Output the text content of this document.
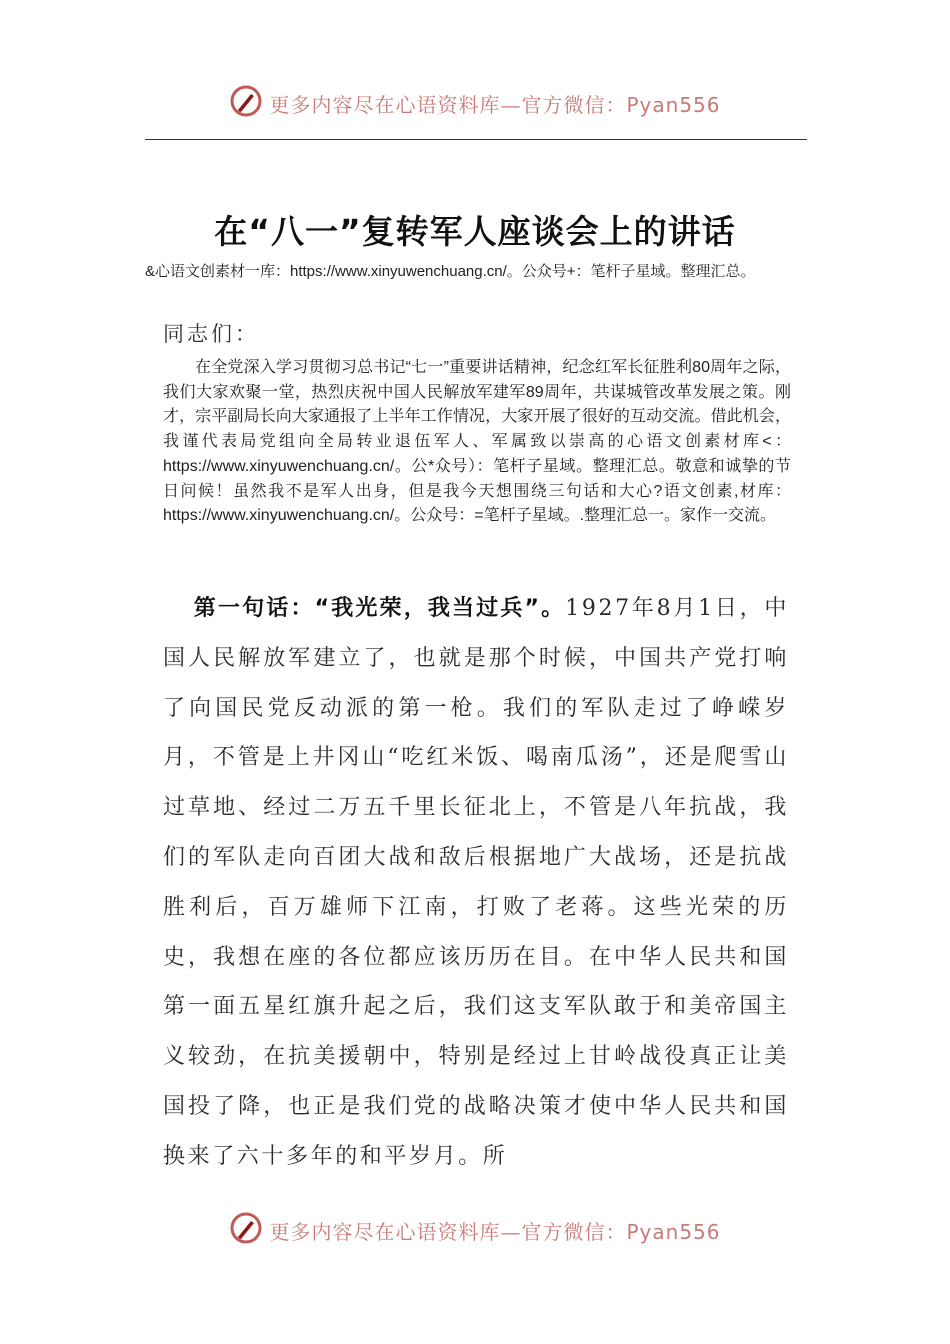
更多内容尽在心语资料库—官方微信：Pyan556
在“八一”复转军人座谈会上的讲话
&心语文创素材一库：https://www.xinyuwenchuang.cn/。公众号+：笔杆子星域。整理汇总。
同志们：
在全党深入学习贯彻习总书记“七一”重要讲话精神，纪念红军长征胜利80周年之际，我们大家欢聚一堂，热烈庆祝中国人民解放军建军89周年，共谋城管改革发展之策。刚才，宗平副局长向大家通报了上半年工作情况，大家开展了很好的互动交流。借此机会，我谨代表局党组向全局转业退伍军人、军属致以崇高的心语文创素材库<：https://www.xinyuwenchuang.cn/。公*众号）：笔杆子星域。整理汇总。敬意和诚挚的节日问候！虽然我不是军人出身，但是我今天想围绕三句话和大心?语文创素,材库：https://www.xinyuwenchuang.cn/。公众号：=笔杆子星域。.整理汇总一。家作一交流。
第一句话：“我光荣，我当过兵”。1927年8月1日，中国人民解放军建立了，也就是那个时候，中国共产党打响了向国民党反动派的第一枪。我们的军队走过了峥嵘岁月，不管是上井冈山“吃红米饭、喝南瓜汤”，还是爬雪山过草地、经过二万五千里长征北上，不管是八年抗战，我们的军队走向百团大战和敌后根据地广大战场，还是抗战胜利后，百万雄师下江南，打败了老蒋。这些光荣的历史，我想在座的各位都应该历历在目。在中华人民共和国第一面五星红旗升起之后，我们这支军队敢于和美帝国主义较劲，在抗美援朝中，特别是经过上甘岭战役真正让美国投了降，也正是我们党的战略决策才使中华人民共和国换来了六十多年的和平岁月。所
更多内容尽在心语资料库—官方微信：Pyan556
